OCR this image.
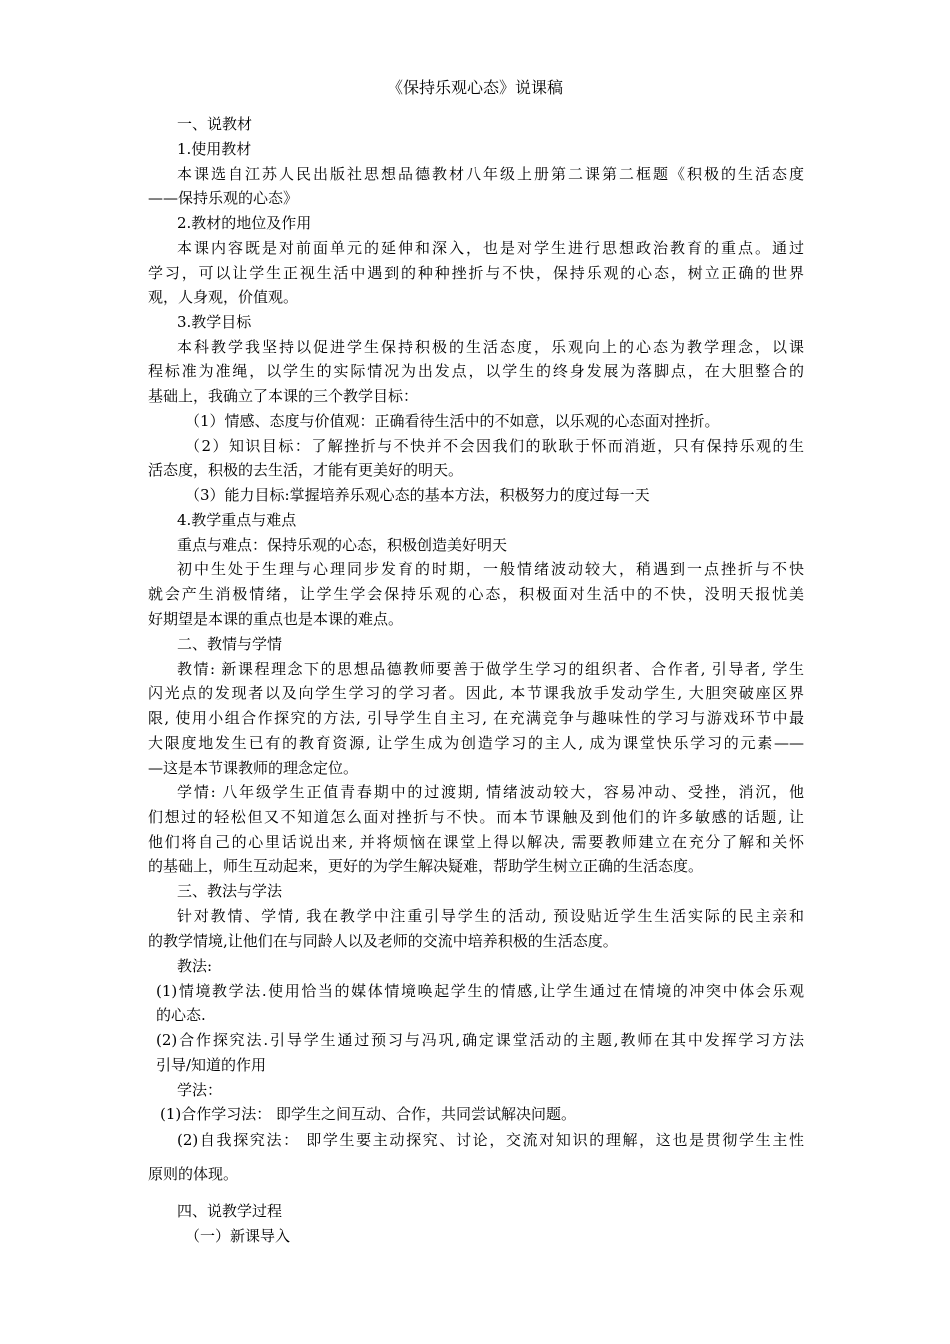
《保持乐观心态》说课稿
一、说教材
1.使用教材
本课选自江苏人民出版社思想品德教材八年级上册第二课第二框题《积极的生活态度
——保持乐观的心态》
2.教材的地位及作用
本课内容既是对前面单元的延伸和深入，也是对学生进行思想政治教育的重点。通过
学习，可以让学生正视生活中遇到的种种挫折与不快，保持乐观的心态，树立正确的世界
观，人身观，价值观。
3.教学目标
本科教学我坚持以促进学生保持积极的生活态度，乐观向上的心态为教学理念，以课
程标准为准绳，以学生的实际情况为出发点，以学生的终身发展为落脚点，在大胆整合的
基础上，我确立了本课的三个教学目标：
（1）情感、态度与价值观：正确看待生活中的不如意，以乐观的心态面对挫折。
（2）知识目标：了解挫折与不快并不会因我们的耿耿于怀而消逝，只有保持乐观的生
活态度，积极的去生活，才能有更美好的明天。
（3）能力目标:掌握培养乐观心态的基本方法，积极努力的度过每一天
4.教学重点与难点
重点与难点：保持乐观的心态，积极创造美好明天
初中生处于生理与心理同步发育的时期，一般情绪波动较大，稍遇到一点挫折与不快
就会产生消极情绪，让学生学会保持乐观的心态，积极面对生活中的不快，没明天报忧美
好期望是本课的重点也是本课的难点。
二、教情与学情
教情: 新课程理念下的思想品德教师要善于做学生学习的组织者、合作者, 引导者, 学生
闪光点的发现者以及向学生学习的学习者。因此, 本节课我放手发动学生, 大胆突破座区界
限, 使用小组合作探究的方法, 引导学生自主习, 在充满竞争与趣味性的学习与游戏环节中最
大限度地发生已有的教育资源, 让学生成为创造学习的主人, 成为课堂快乐学习的元素——
—这是本节课教师的理念定位。
学情: 八年级学生正值青春期中的过渡期, 情绪波动较大，容易冲动、受挫，消沉，他
们想过的轻松但又不知道怎么面对挫折与不快。而本节课触及到他们的许多敏感的话题, 让
他们将自己的心里话说出来, 并将烦恼在课堂上得以解决, 需要教师建立在充分了解和关怀
的基础上，师生互动起来，更好的为学生解决疑难，帮助学生树立正确的生活态度。
三、教法与学法
针对教情、学情, 我在教学中注重引导学生的活动, 预设贴近学生生活实际的民主亲和
的教学情境,让他们在与同龄人以及老师的交流中培养积极的生活态度。
教法:
(1)情境教学法.使用恰当的媒体情境唤起学生的情感,让学生通过在情境的冲突中体会乐观
的心态.
(2)合作探究法.引导学生通过预习与冯巩,确定课堂活动的主题,教师在其中发挥学习方法
引导/知道的作用
学法：
(1)合作学习法： 即学生之间互动、合作，共同尝试解决问题。
(2)自我探究法： 即学生要主动探究、讨论，交流对知识的理解，这也是贯彻学生主性
原则的体现。
四、说教学过程
（一）新课导入
